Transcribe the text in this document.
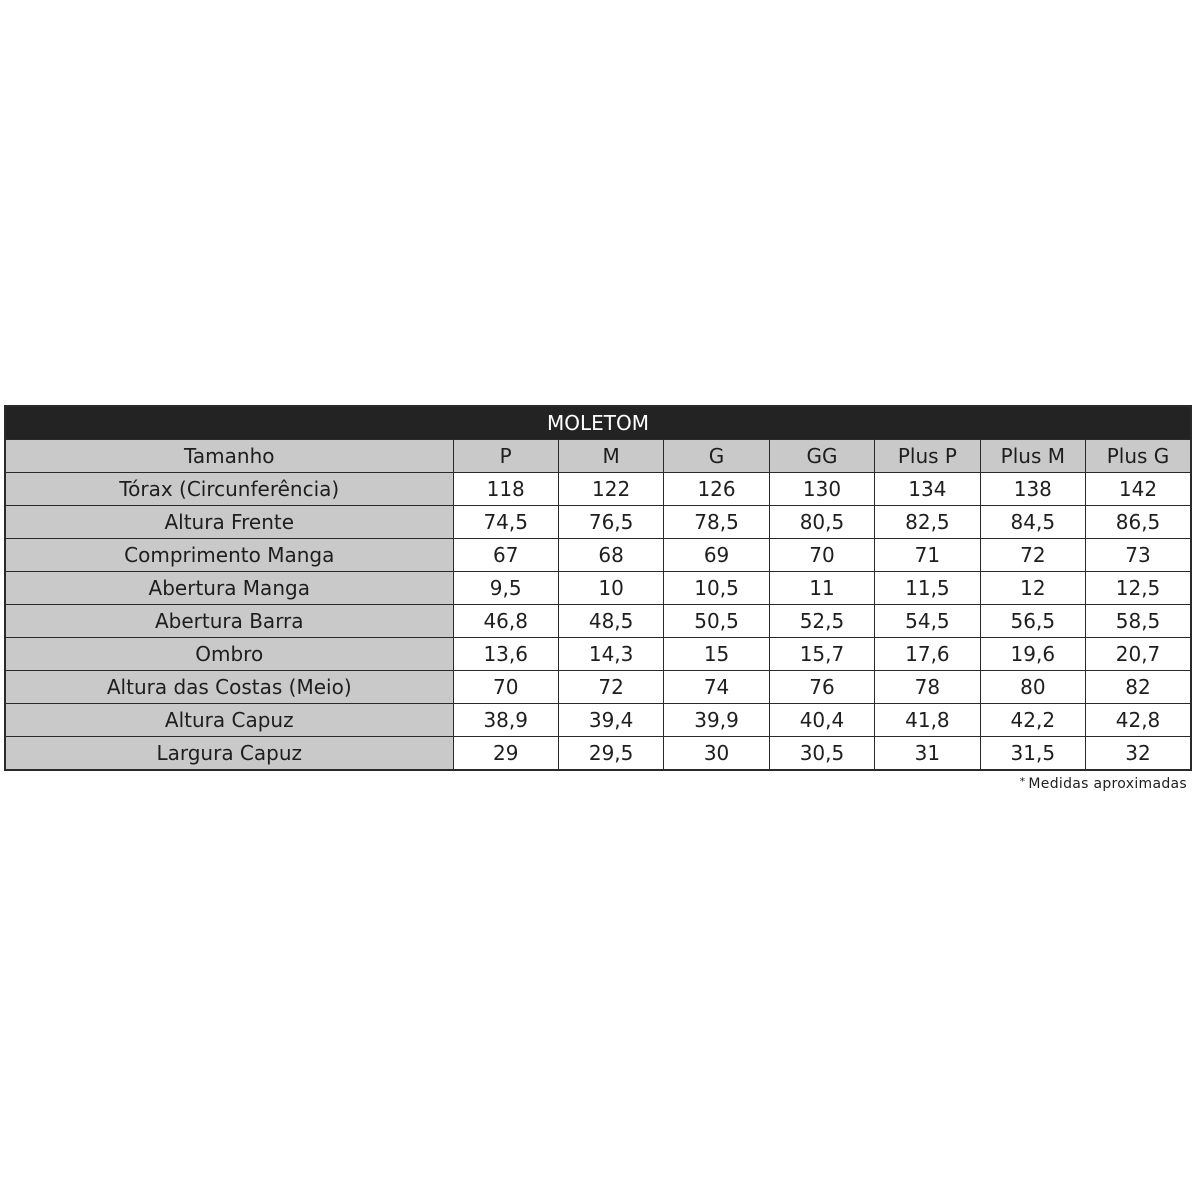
MOLETOM							
Tamanho	P	M	G	GG	Plus P	Plus M	Plus G
Tórax (Circunferência)	118	122	126	130	134	138	142
Altura Frente	74,5	76,5	78,5	80,5	82,5	84,5	86,5
Comprimento Manga	67	68	69	70	71	72	73
Abertura Manga	9,5	10	10,5	11	11,5	12	12,5
Abertura Barra	46,8	48,5	50,5	52,5	54,5	56,5	58,5
Ombro	13,6	14,3	15	15,7	17,6	19,6	20,7
Altura das Costas (Meio)	70	72	74	76	78	80	82
Altura Capuz	38,9	39,4	39,9	40,4	41,8	42,2	42,8
Largura Capuz	29	29,5	30	30,5	31	31,5	32
* Medidas aproximadas
